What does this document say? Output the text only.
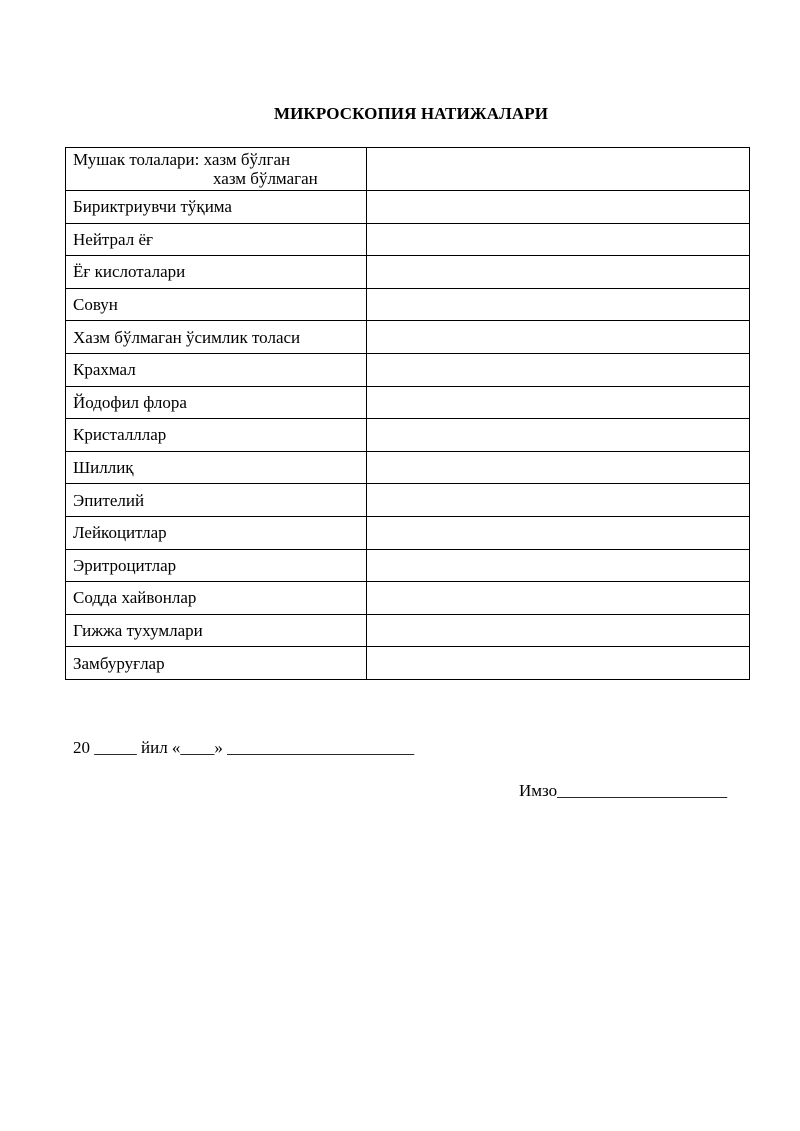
МИКРОСКОПИЯ НАТИЖАЛАРИ
Мушак толалари: хазм бўлган
хазм бўлмаган	

Бириктриувчи тўқима	
Нейтрал ёғ	
Ёғ кислоталари	
Совун	
Хазм бўлмаган ўсимлик толаси	
Крахмал	
Йодофил флора	
Кристалллар	
Шиллиқ	
Эпителий	
Лейкоцитлар	
Эритроцитлар	
Содда хайвонлар	
Гижжа тухумлари	
Замбуруғлар	
20 _____ йил «____» ______________________
Имзо____________________
